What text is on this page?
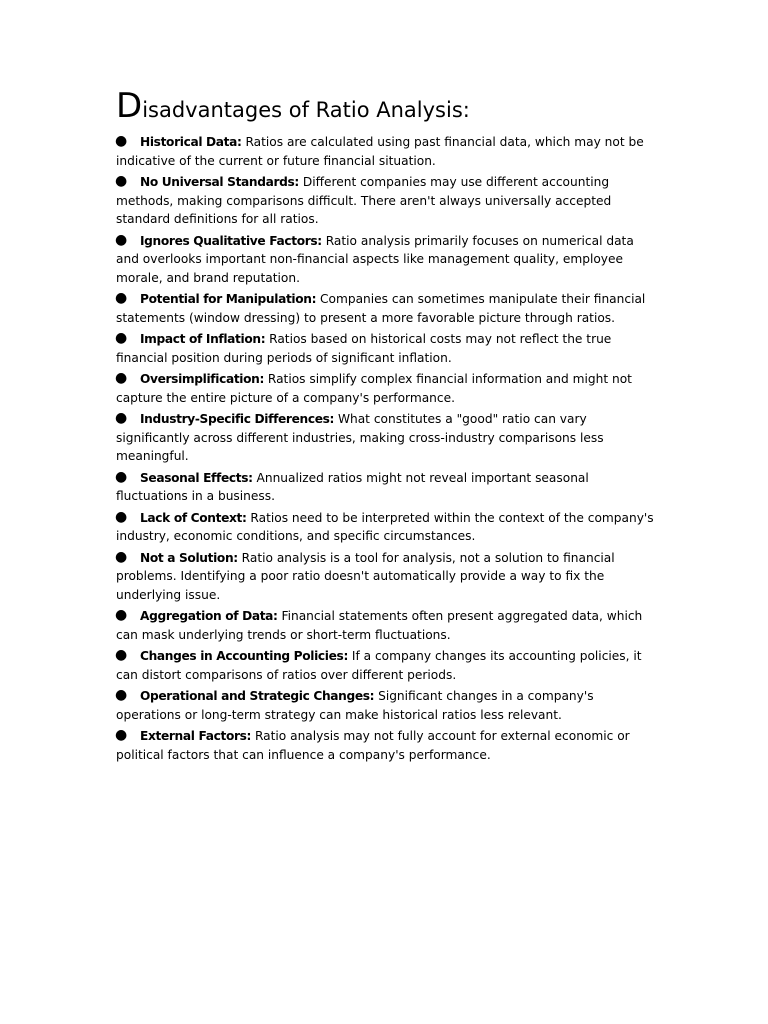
Disadvantages of Ratio Analysis:
● Historical Data: Ratios are calculated using past financial data, which may not be indicative of the current or future financial situation.
● No Universal Standards: Different companies may use different accounting methods, making comparisons difficult. There aren't always universally accepted standard definitions for all ratios.
● Ignores Qualitative Factors: Ratio analysis primarily focuses on numerical data and overlooks important non-financial aspects like management quality, employee morale, and brand reputation.
● Potential for Manipulation: Companies can sometimes manipulate their financial statements (window dressing) to present a more favorable picture through ratios.
● Impact of Inflation: Ratios based on historical costs may not reflect the true financial position during periods of significant inflation.
● Oversimplification: Ratios simplify complex financial information and might not capture the entire picture of a company's performance.
● Industry-Specific Differences: What constitutes a "good" ratio can vary significantly across different industries, making cross-industry comparisons less meaningful.
● Seasonal Effects: Annualized ratios might not reveal important seasonal fluctuations in a business.
● Lack of Context: Ratios need to be interpreted within the context of the company's industry, economic conditions, and specific circumstances.
● Not a Solution: Ratio analysis is a tool for analysis, not a solution to financial problems. Identifying a poor ratio doesn't automatically provide a way to fix the underlying issue.
● Aggregation of Data: Financial statements often present aggregated data, which can mask underlying trends or short-term fluctuations.
● Changes in Accounting Policies: If a company changes its accounting policies, it can distort comparisons of ratios over different periods.
● Operational and Strategic Changes: Significant changes in a company's operations or long-term strategy can make historical ratios less relevant.
● External Factors: Ratio analysis may not fully account for external economic or political factors that can influence a company's performance.
